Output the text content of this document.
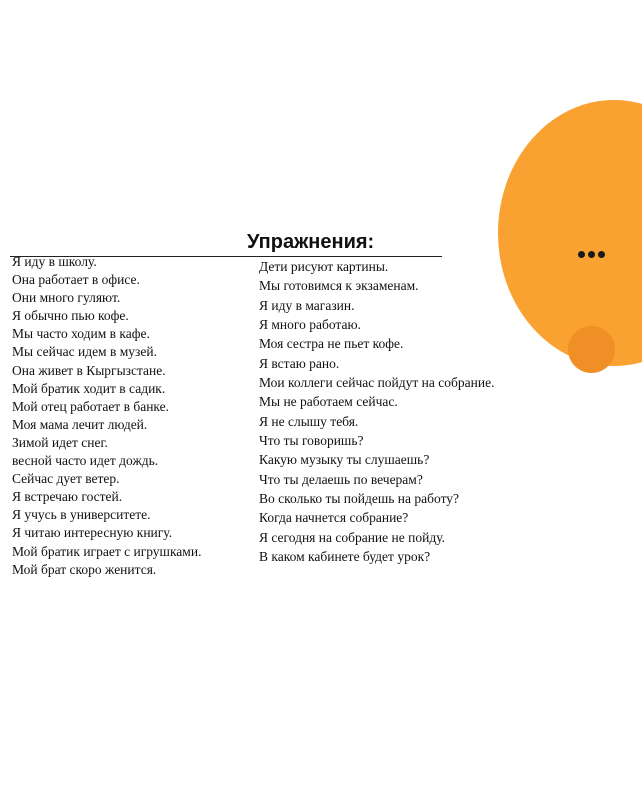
Упражнения:
Я иду в школу.
Она работает в офисе.
Они много гуляют.
Я обычно пью кофе.
Мы часто ходим в кафе.
Мы сейчас идем в музей.
Она живет в Кыргызстане.
Мой братик ходит в садик.
Мой отец работает в банке.
Моя мама лечит людей.
Зимой идет снег.
весной часто идет дождь.
Сейчас дует ветер.
Я встречаю гостей.
Я учусь в университете.
Я читаю интересную книгу.
Мой братик играет с игрушками.
Мой брат скоро женится.
Дети рисуют картины.
Мы готовимся к экзаменам.
Я иду в магазин.
Я много работаю.
Моя сестра не пьет кофе.
Я встаю рано.
Мои коллеги сейчас пойдут на собрание.
Мы не работаем сейчас.
Я не слышу тебя.
Что ты говоришь?
Какую музыку ты слушаешь?
Что ты делаешь по вечерам?
Во сколько ты пойдешь на работу?
Когда начнется собрание?
Я сегодня на собрание не пойду.
В каком кабинете будет урок?
